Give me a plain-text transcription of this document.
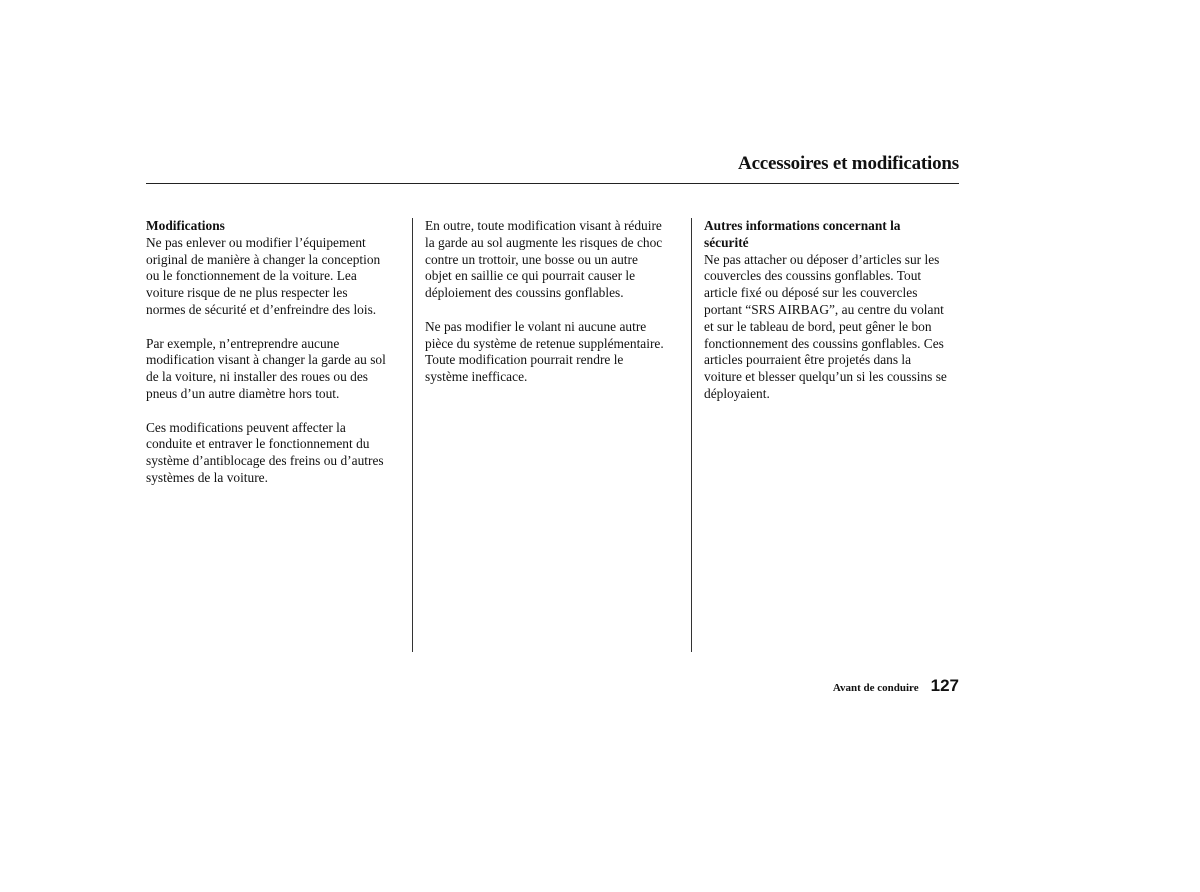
Accessoires et modifications
Modifications
Ne pas enlever ou modifier l’équipement
original de manière à changer la conception
ou le fonctionnement de la voiture. Lea
voiture risque de ne plus respecter les
normes de sécurité et d’enfreindre des lois.
Par exemple, n’entreprendre aucune
modification visant à changer la garde au sol
de la voiture, ni installer des roues ou des
pneus d’un autre diamètre hors tout.
Ces modifications peuvent affecter la
conduite et entraver le fonctionnement du
système d’antiblocage des freins ou d’autres
systèmes de la voiture.
En outre, toute modification visant à réduire
la garde au sol augmente les risques de choc
contre un trottoir, une bosse ou un autre
objet en saillie ce qui pourrait causer le
déploiement des coussins gonflables.
Ne pas modifier le volant ni aucune autre
pièce du système de retenue supplémentaire.
Toute modification pourrait rendre le
système inefficace.
Autres informations concernant la
sécurité
Ne pas attacher ou déposer d’articles sur les
couvercles des coussins gonflables. Tout
article fixé ou déposé sur les couvercles
portant “SRS AIRBAG”, au centre du volant
et sur le tableau de bord, peut gêner le bon
fonctionnement des coussins gonflables. Ces
articles pourraient être projetés dans la
voiture et blesser quelqu’un si les coussins se
déployaient.
Avant de conduire 127
